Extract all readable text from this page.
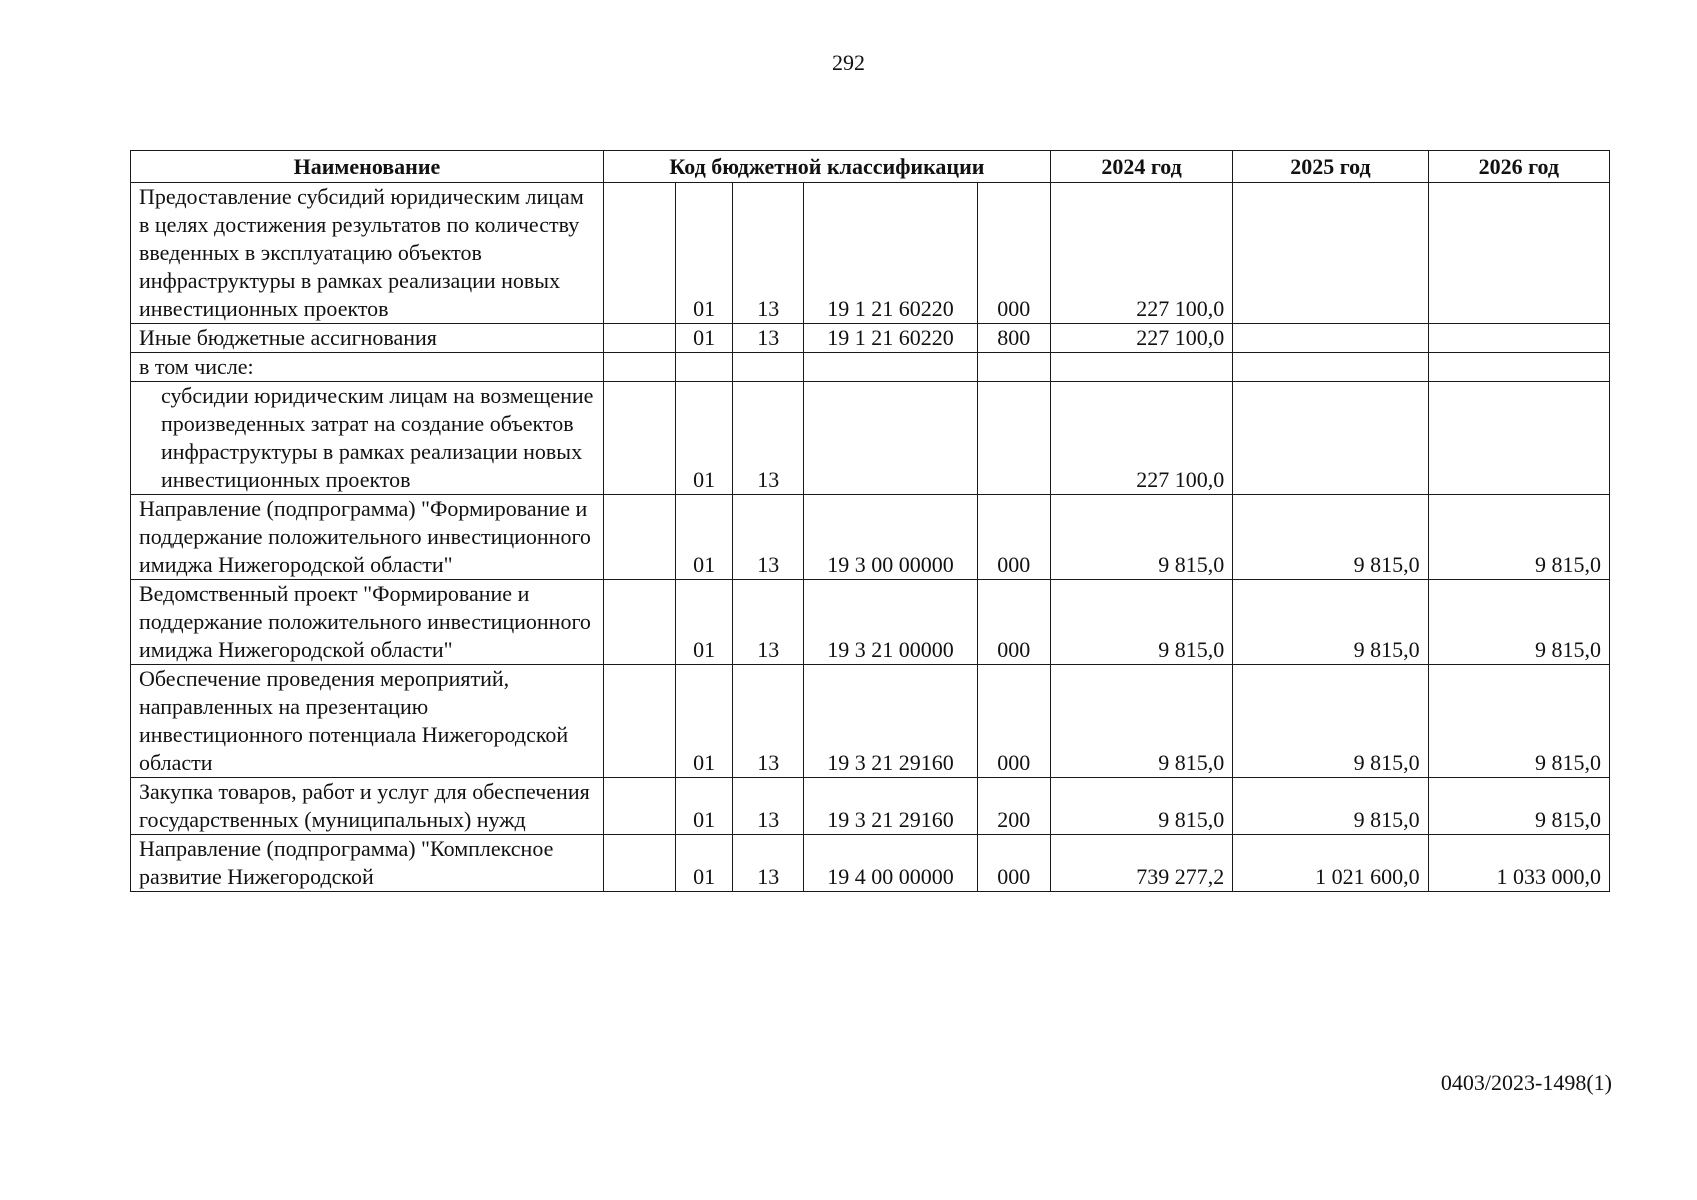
292
Наименование	Код бюджетной классификации					2024 год	2025 год	2026 год
Предоставление субсидий юридическим лицам в целях достижения результатов по количеству введенных в эксплуатацию объектов инфраструктуры в рамках реализации новых инвестиционных проектов		01	13	19 1 21 60220	000	227 100,0		
Иные бюджетные ассигнования		01	13	19 1 21 60220	800	227 100,0		
в том числе:								
субсидии юридическим лицам на возмещение произведенных затрат на создание объектов инфраструктуры в рамках реализации новых инвестиционных проектов		01	13			227 100,0		
Направление (подпрограмма) "Формирование и поддержание положительного инвестиционного имиджа Нижегородской области"		01	13	19 3 00 00000	000	9 815,0	9 815,0	9 815,0
Ведомственный проект "Формирование и поддержание положительного инвестиционного имиджа Нижегородской области"		01	13	19 3 21 00000	000	9 815,0	9 815,0	9 815,0
Обеспечение проведения мероприятий, направленных на презентацию инвестиционного потенциала Нижегородской области		01	13	19 3 21 29160	000	9 815,0	9 815,0	9 815,0
Закупка товаров, работ и услуг для обеспечения государственных (муниципальных) нужд		01	13	19 3 21 29160	200	9 815,0	9 815,0	9 815,0
Направление (подпрограмма) "Комплексное развитие Нижегородской		01	13	19 4 00 00000	000	739 277,2	1 021 600,0	1 033 000,0
0403/2023-1498(1)
